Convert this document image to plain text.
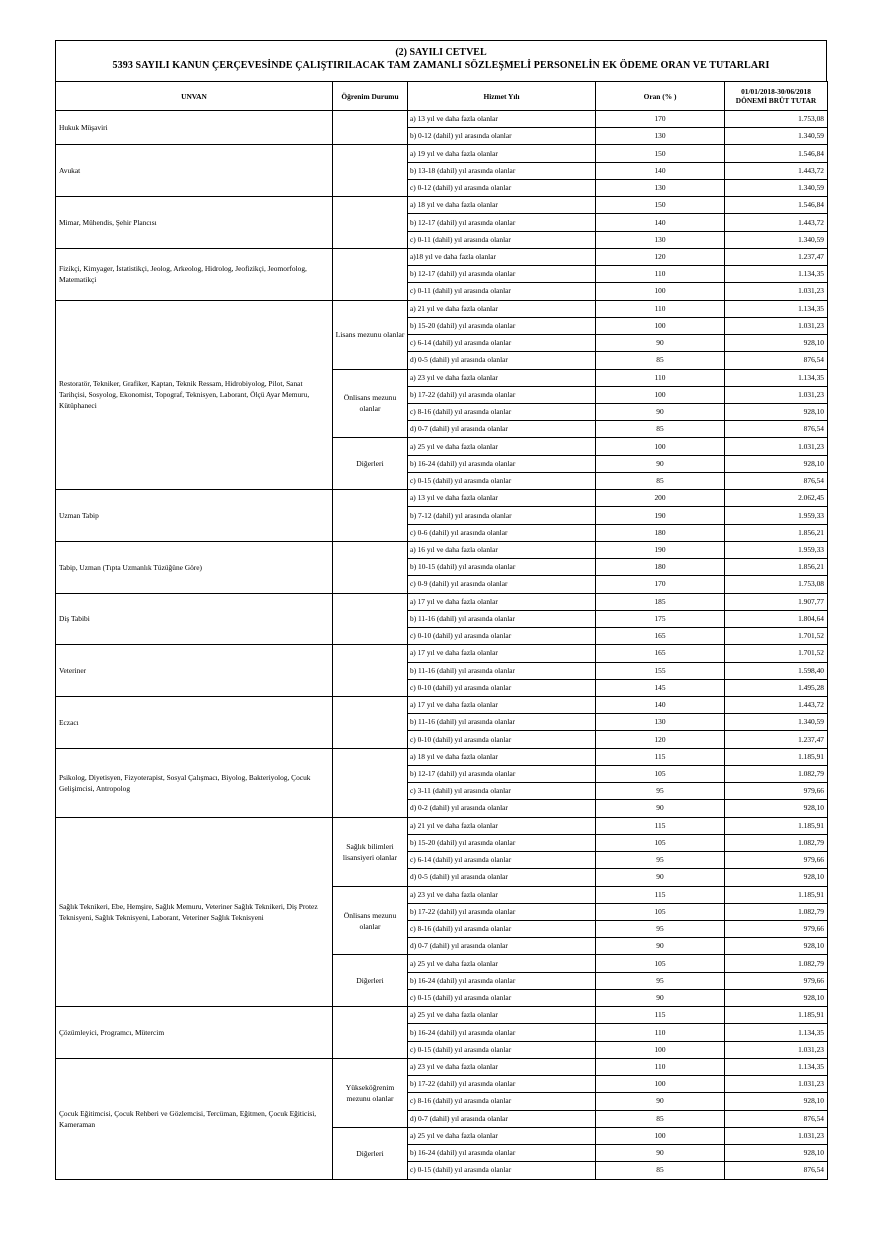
(2) SAYILI CETVEL
5393 SAYILI KANUN ÇERÇEVESİNDE ÇALIŞTIRILACAK TAM ZAMANLI SÖZLEŞMELİ PERSONELİN EK ÖDEME ORAN VE TUTARLARI
UNVAN	Öğrenim Durumu	Hizmet Yılı	Oran (% )	01/01/2018-30/06/2018
DÖNEMİ BRÜT TUTAR
Hukuk Müşaviri		a) 13 yıl ve daha fazla olanlar	170	1.753,08
		b) 0-12 (dahil) yıl arasında olanlar	130	1.340,59
Avukat		a) 19 yıl ve daha fazla olanlar	150	1.546,84
		b) 13-18 (dahil) yıl arasında olanlar	140	1.443,72
		c) 0-12 (dahil) yıl arasında olanlar	130	1.340,59
Mimar, Mühendis, Şehir Plancısı		a) 18 yıl ve daha fazla olanlar	150	1.546,84
		b) 12-17 (dahil) yıl arasında olanlar	140	1.443,72
		c) 0-11 (dahil) yıl arasında olanlar	130	1.340,59
Fizikçi, Kimyager, İstatistikçi, Jeolog, Arkeolog, Hidrolog, Jeofizikçi, Jeomorfolog, Matematikçi		a)18 yıl ve daha fazla olanlar	120	1.237,47
		b) 12-17 (dahil) yıl arasında olanlar	110	1.134,35
		c) 0-11 (dahil) yıl arasında olanlar	100	1.031,23
Restoratör, Tekniker, Grafiker, Kaptan, Teknik Ressam, Hidrobiyolog, Pilot, Sanat Tarihçisi, Sosyolog, Ekonomist, Topograf, Teknisyen, Laborant, Ölçü Ayar Memuru, Kütüphaneci	Lisans mezunu olanlar	a) 21 yıl ve daha fazla olanlar	110	1.134,35
		b) 15-20 (dahil) yıl arasında olanlar	100	1.031,23
		c) 6-14 (dahil) yıl arasında olanlar	90	928,10
		d) 0-5 (dahil) yıl arasında olanlar	85	876,54
	Önlisans mezunu olanlar	a) 23 yıl ve daha fazla olanlar	110	1.134,35
		b) 17-22 (dahil) yıl arasında olanlar	100	1.031,23
		c) 8-16 (dahil) yıl arasında olanlar	90	928,10
		d) 0-7 (dahil) yıl arasında olanlar	85	876,54
	Diğerleri	a) 25 yıl ve daha fazla olanlar	100	1.031,23
		b) 16-24 (dahil) yıl arasında olanlar	90	928,10
		c) 0-15 (dahil) yıl arasında olanlar	85	876,54
Uzman Tabip		a) 13 yıl ve daha fazla olanlar	200	2.062,45
		b) 7-12 (dahil) yıl arasında olanlar	190	1.959,33
		c) 0-6 (dahil) yıl arasında olanlar	180	1.856,21
Tabip, Uzman (Tıpta Uzmanlık Tüzüğüne Göre)		a) 16 yıl ve daha fazla olanlar	190	1.959,33
		b) 10-15 (dahil) yıl arasında olanlar	180	1.856,21
		c) 0-9 (dahil) yıl arasında olanlar	170	1.753,08
Diş Tabibi		a) 17 yıl ve daha fazla olanlar	185	1.907,77
		b) 11-16 (dahil) yıl arasında olanlar	175	1.804,64
		c) 0-10 (dahil) yıl arasında olanlar	165	1.701,52
Veteriner		a) 17 yıl ve daha fazla olanlar	165	1.701,52
		b) 11-16 (dahil) yıl arasında olanlar	155	1.598,40
		c) 0-10 (dahil) yıl arasında olanlar	145	1.495,28
Eczacı		a) 17 yıl ve daha fazla olanlar	140	1.443,72
		b) 11-16 (dahil) yıl arasında olanlar	130	1.340,59
		c) 0-10 (dahil) yıl arasında olanlar	120	1.237,47
Psikolog, Diyetisyen, Fizyoterapist, Sosyal Çalışmacı, Biyolog, Bakteriyolog, Çocuk Gelişimcisi, Antropolog		a) 18 yıl ve daha fazla olanlar	115	1.185,91
		b) 12-17 (dahil) yıl arasında olanlar	105	1.082,79
		c) 3-11 (dahil) yıl arasında olanlar	95	979,66
		d) 0-2 (dahil) yıl arasında olanlar	90	928,10
Sağlık Teknikeri, Ebe, Hemşire, Sağlık Memuru, Veteriner Sağlık Teknikeri, Diş Protez Teknisyeni, Sağlık Teknisyeni, Laborant, Veteriner Sağlık Teknisyeni	Sağlık bilimleri lisansiyeri olanlar	a) 21 yıl ve daha fazla olanlar	115	1.185,91
		b) 15-20 (dahil) yıl arasında olanlar	105	1.082,79
		c) 6-14 (dahil) yıl arasında olanlar	95	979,66
		d) 0-5 (dahil) yıl arasında olanlar	90	928,10
	Önlisans mezunu olanlar	a) 23 yıl ve daha fazla olanlar	115	1.185,91
		b) 17-22 (dahil) yıl arasında olanlar	105	1.082,79
		c) 8-16 (dahil) yıl arasında olanlar	95	979,66
		d) 0-7 (dahil) yıl arasında olanlar	90	928,10
	Diğerleri	a) 25 yıl ve daha fazla olanlar	105	1.082,79
		b) 16-24 (dahil) yıl arasında olanlar	95	979,66
		c) 0-15 (dahil) yıl arasında olanlar	90	928,10
Çözümleyici, Programcı, Mütercim		a) 25 yıl ve daha fazla olanlar	115	1.185,91
		b) 16-24 (dahil) yıl arasında olanlar	110	1.134,35
		c) 0-15 (dahil) yıl arasında olanlar	100	1.031,23
Çocuk Eğitimcisi, Çocuk Rehberi ve Gözlemcisi, Tercüman, Eğitmen, Çocuk Eğiticisi, Kameraman	Yükseköğrenim mezunu olanlar	a) 23 yıl ve daha fazla olanlar	110	1.134,35
		b) 17-22 (dahil) yıl arasında olanlar	100	1.031,23
		c) 8-16 (dahil) yıl arasında olanlar	90	928,10
		d) 0-7 (dahil) yıl arasında olanlar	85	876,54
	Diğerleri	a) 25 yıl ve daha fazla olanlar	100	1.031,23
		b) 16-24 (dahil) yıl arasında olanlar	90	928,10
		c) 0-15 (dahil) yıl arasında olanlar	85	876,54
